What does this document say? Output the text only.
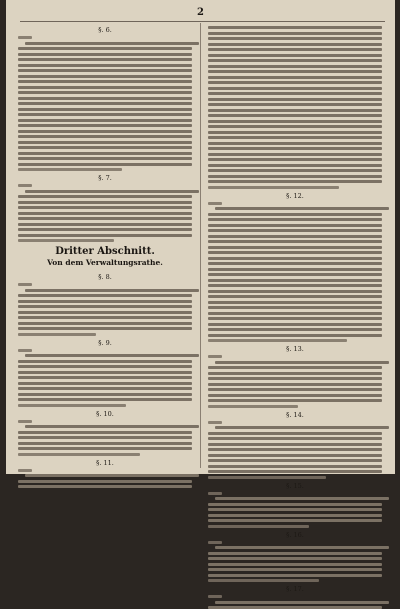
2
§. 6.
§. 7.
Dritter Abschnitt.
Von dem Verwaltungsrathe.
§. 8.
§. 9.
§. 10.
§. 11.
§. 12.
§. 13.
§. 14.
§. 15.
§. 16.
§. 17.
